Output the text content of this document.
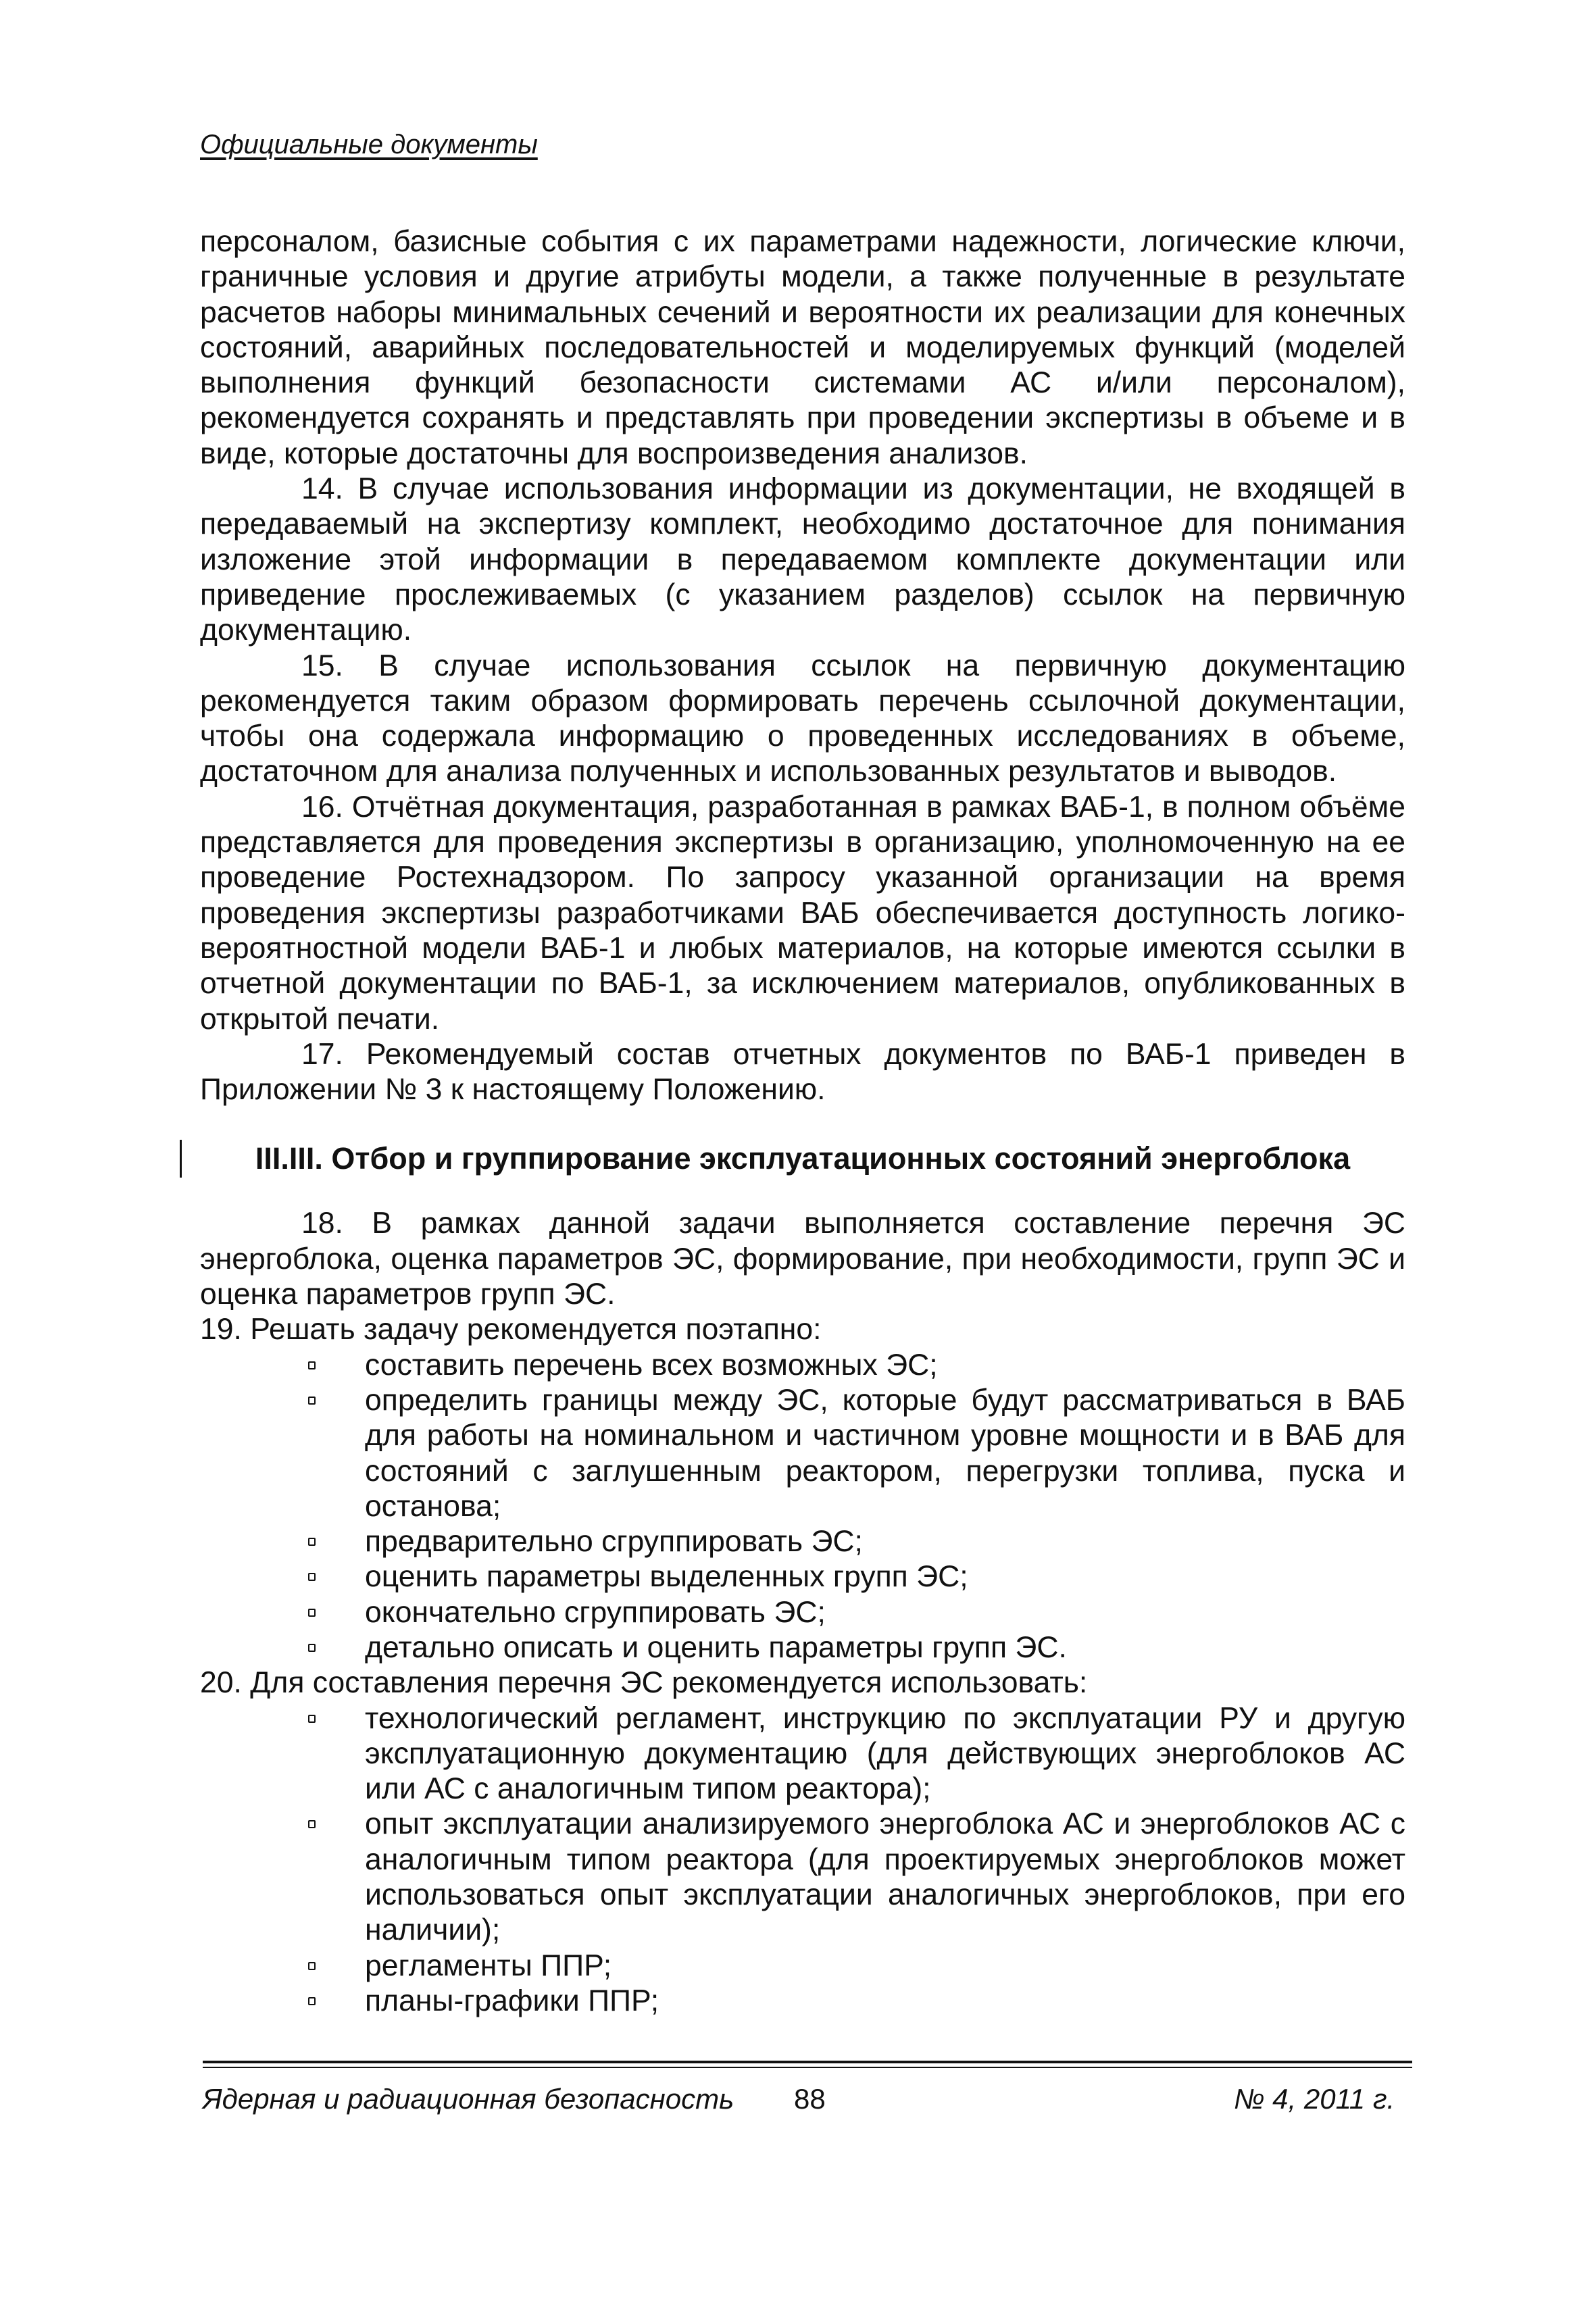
Официальные документы

персоналом, базисные события с их параметрами надежности, логические ключи, граничные условия и другие атрибуты модели, а также полученные в результате расчетов наборы минимальных сечений и вероятности их реализации для конечных состояний, аварийных последовательностей и моделируемых функций (моделей выполнения функций безопасности системами АС и/или персоналом), рекомендуется сохранять и представлять при проведении экспертизы в объеме и в виде, которые достаточны для воспроизведения анализов.

14. В случае использования информации из документации, не входящей в передаваемый на экспертизу комплект, необходимо достаточное для понимания изложение этой информации в передаваемом комплекте документации или приведение прослеживаемых (с указанием разделов) ссылок на первичную документацию.

15. В случае использования ссылок на первичную документацию рекомендуется таким образом формировать перечень ссылочной документации, чтобы она содержала информацию о проведенных исследованиях в объеме, достаточном для анализа полученных и использованных результатов и выводов.

16. Отчётная документация, разработанная в рамках ВАБ-1, в полном объёме представляется для проведения экспертизы в организацию, уполномоченную на ее проведение Ростехнадзором. По запросу указанной организации на время проведения экспертизы разработчиками ВАБ обеспечивается доступность логико-вероятностной модели ВАБ-1 и любых материалов, на которые имеются ссылки в отчетной документации по ВАБ-1, за исключением материалов, опубликованных в открытой печати.

17. Рекомендуемый состав отчетных документов по ВАБ-1 приведен в Приложении № 3 к настоящему Положению.

III.III. Отбор и группирование эксплуатационных состояний энергоблока

18. В рамках данной задачи выполняется составление перечня ЭС энергоблока, оценка параметров ЭС, формирование, при необходимости, групп ЭС и оценка параметров групп ЭС.

19. Решать задачу рекомендуется поэтапно:

составить перечень всех возможных ЭС;
определить границы между ЭС, которые будут рассматриваться в ВАБ для работы на номинальном и частичном уровне мощности и в ВАБ для состояний с заглушенным реактором, перегрузки топлива, пуска и останова;
предварительно сгруппировать ЭС;
оценить параметры выделенных групп ЭС;
окончательно сгруппировать ЭС;
детально описать и оценить параметры групп ЭС.

20. Для составления перечня ЭС рекомендуется использовать:

технологический регламент, инструкцию по эксплуатации РУ и другую эксплуатационную документацию (для действующих энергоблоков АС или АС с аналогичным типом реактора);
опыт эксплуатации анализируемого энергоблока АС и энергоблоков АС с аналогичным типом реактора (для проектируемых энергоблоков может использоваться опыт эксплуатации аналогичных энергоблоков, при его наличии);
регламенты ППР;
планы-графики ППР;
Ядерная и радиационная безопасность 88	№ 4, 2011 г.
